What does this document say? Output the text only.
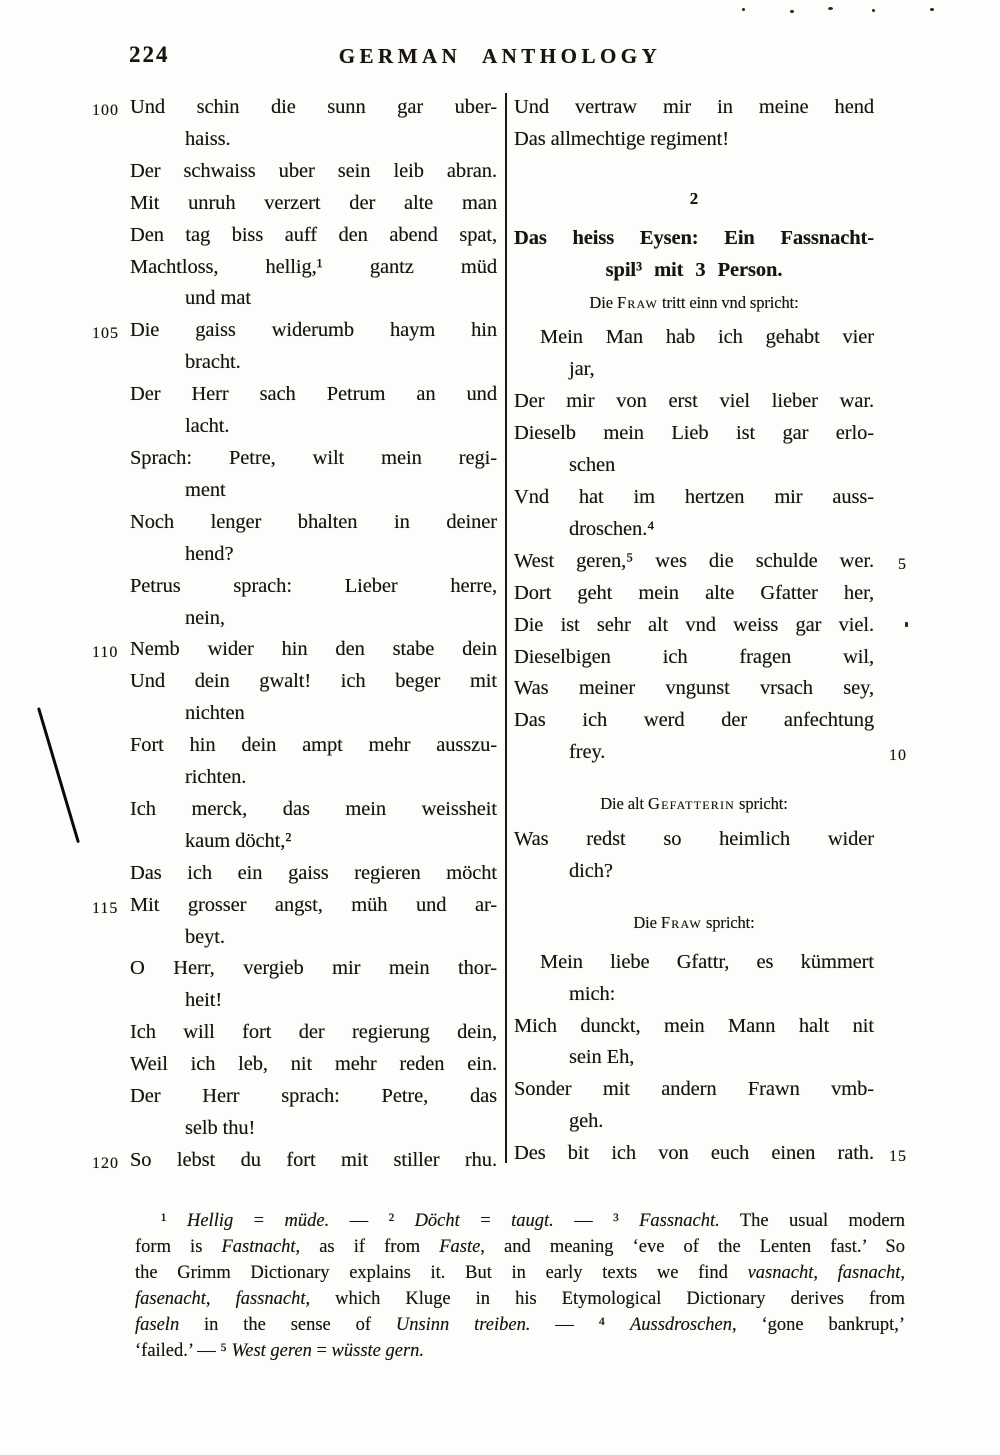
224	GERMAN ANTHOLOGY
100 Und schin die sunn gar uber-
haiss.
Der schwaiss uber sein leib abran.
Mit unruh verzert der alte man
Den tag biss auff den abend spat,
Machtloss, hellig,¹ gantz müd
und mat
105 Die gaiss widerumb haym hin
bracht.
Der Herr sach Petrum an und
lacht.
Sprach: Petre, wilt mein regi-
ment
Noch lenger bhalten in deiner
hend?
Petrus sprach: Lieber herre,
nein,
110 Nemb wider hin den stabe dein
Und dein gwalt! ich beger mit
nichten
Fort hin dein ampt mehr ausszu-
richten.
Ich merck, das mein weissheit
kaum döcht,²
Das ich ein gaiss regieren möcht
115 Mit grosser angst, müh und ar-
beyt.
O Herr, vergieb mir mein thor-
heit!
Ich will fort der regierung dein,
Weil ich leb, nit mehr reden ein.
Der Herr sprach: Petre, das
selb thu!
120 So lebst du fort mit stiller rhu.
Und vertraw mir in meine hend
Das allmechtige regiment!
2
Das heiss Eysen: Ein Fassnacht-
spil³ mit 3 Person.
Die Fraw tritt einn vnd spricht:
Mein Man hab ich gehabt vier
jar,
Der mir von erst viel lieber war.
Dieselb mein Lieb ist gar erlo-
schen
Vnd hat im hertzen mir auss-
droschen.⁴
5
West geren,⁵ wes die schulde wer.
Dort geht mein alte Gfatter her,
Die ist sehr alt vnd weiss gar viel.
Dieselbigen ich fragen wil,
Was meiner vngunst vrsach sey,
Das ich werd der anfechtung
10
frey.
Die alt Gefatterin spricht:
Was redst so heimlich wider
dich?
Die Fraw spricht:
Mein liebe Gfattr, es kümmert
mich:
Mich dunckt, mein Mann halt nit
sein Eh,
Sonder mit andern Frawn vmb-
geh.
15
Des bit ich von euch einen rath.
¹ Hellig = müde. — ² Döcht = taugt. — ³ Fassnacht. The usual modern
form is Fastnacht, as if from Faste, and meaning ‘eve of the Lenten fast.’ So
the Grimm Dictionary explains it. But in early texts we find vasnacht, fasnacht,
fasenacht, fassnacht, which Kluge in his Etymological Dictionary derives from
faseln in the sense of Unsinn treiben. — ⁴ Aussdroschen, ‘gone bankrupt,’
‘failed.’ — ⁵ West geren = wüsste gern.
